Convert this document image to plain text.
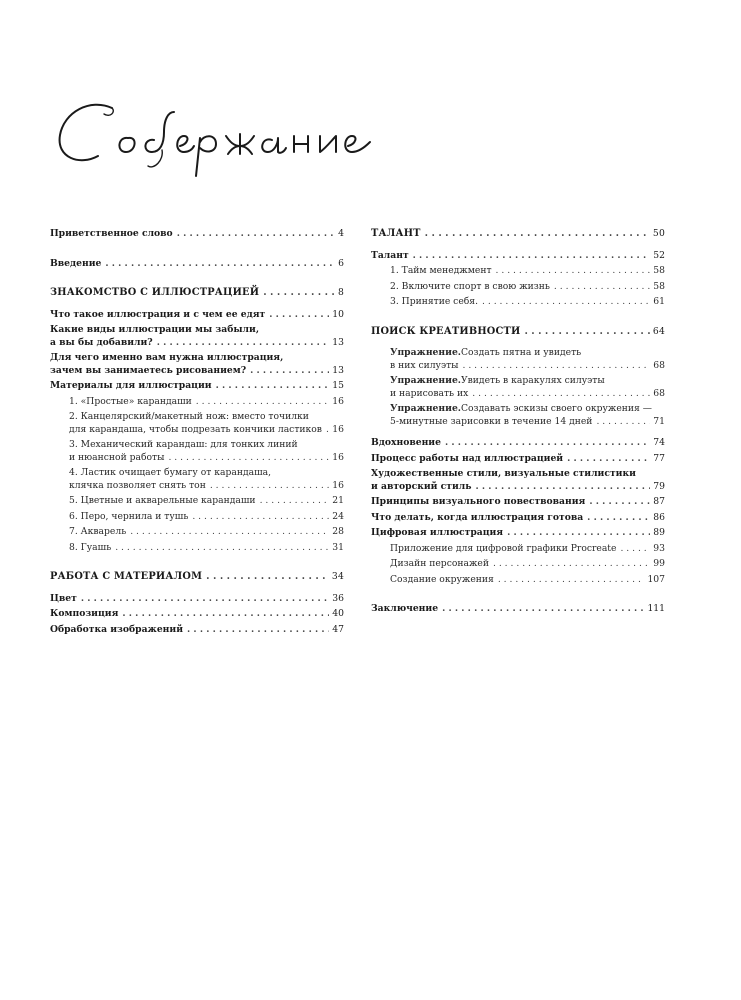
Приветственное слово . . .	4
Введение . . .	6
ЗНАКОМСТВО С ИЛЛЮСТРАЦИЕЙ . . .	8
Что такое иллюстрация и с чем ее едят . . .	10
Какие виды иллюстрации мы забыли,
а вы бы добавили? . . .	13
Для чего именно вам нужна иллюстрация,
зачем вы занимаетесь рисованием? . . .	13
Материалы для иллюстрации . . .	15
1. «Простые» карандаши . . .	16
2. Канцелярский/макетный нож: вместо точилки
для карандаша, чтобы подрезать кончики ластиков . . . 16
3. Механический карандаш: для тонких линий
и нюансной работы . . .	16
4. Ластик очищает бумагу от карандаша,
клячка позволяет снять тон . . .	16
5. Цветные и акварельные карандаши . . .	21
6. Перо, чернила и тушь . . .	24
7. Акварель . . .	28
8. Гуашь . . .	31
РАБОТА С МАТЕРИАЛОМ . . .	34
Цвет . . .	36
Композиция . . .	40
Обработка изображений . . .	47
ТАЛАНТ . . .	50
Талант . . .	52
1. Тайм менеджмент . . .	58
2. Включите спорт в свою жизнь . . .	58
3. Принятие себя. . . .	61
ПОИСК КРЕАТИВНОСТИ . . .	64
Упражнение. Создать пятна и увидеть
в них силуэты . . .	68
Упражнение. Увидеть в каракулях силуэты
и нарисовать их . . .	68
Упражнение. Создавать эскизы своего окружения —
5-минутные зарисовки в течение 14 дней . . .	71
Вдохновение . . .	74
Процесс работы над иллюстрацией . . .	77
Художественные стили, визуальные стилистики
и авторский стиль . . .	79
Принципы визуального повествования . . .	87
Что делать, когда иллюстрация готова . . .	86
Цифровая иллюстрация . . .	89
Приложение для цифровой графики Procreate . . .	93
Дизайн персонажей . . .	99
Создание окружения . . .	107
Заключение . . .	111
